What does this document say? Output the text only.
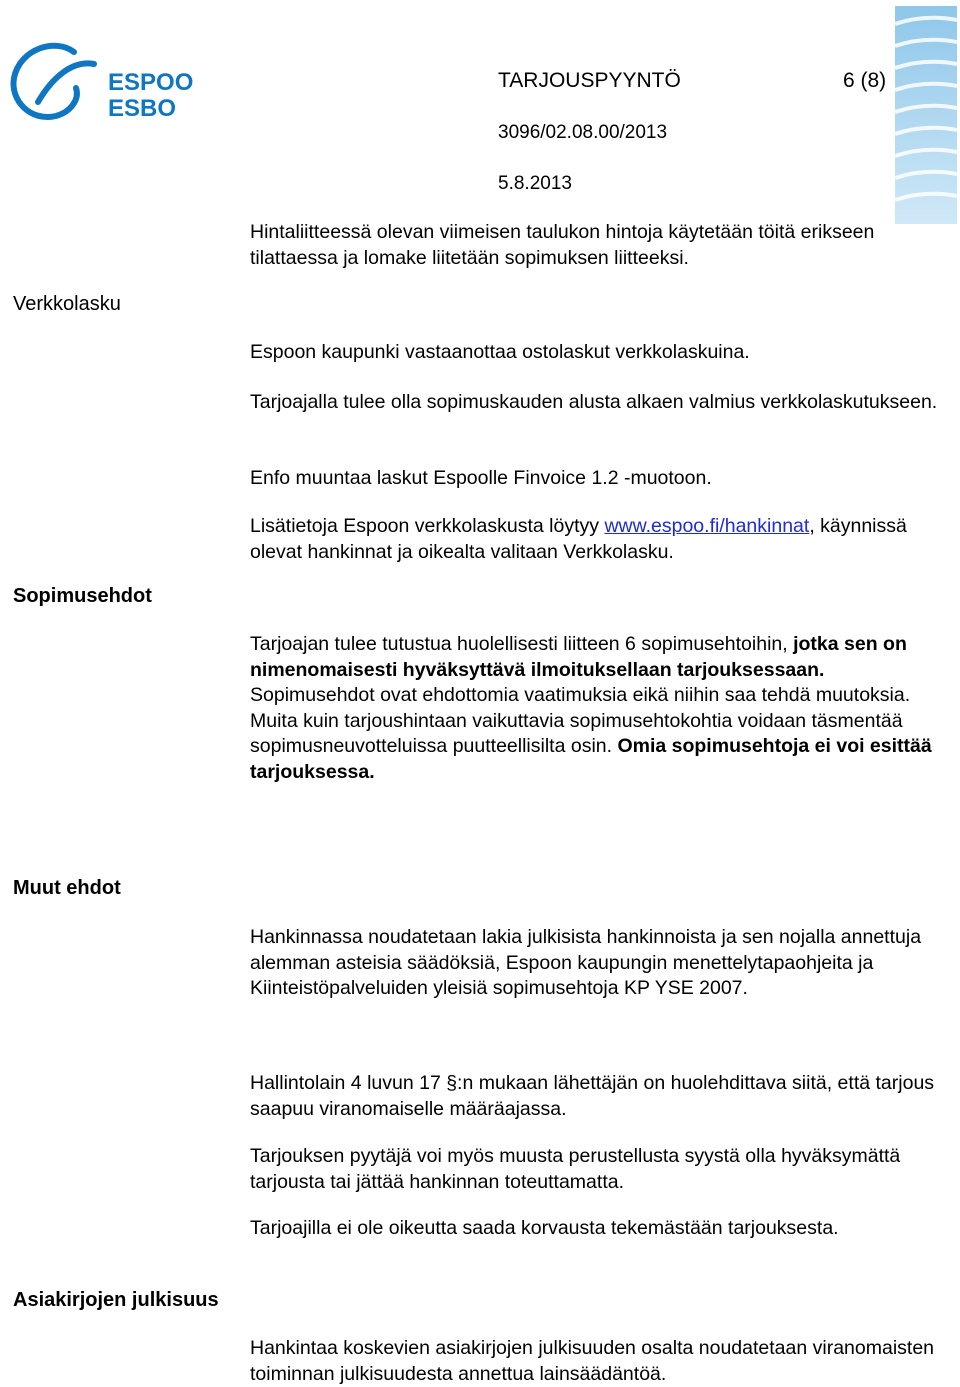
ESPOO
ESBO
TARJOUSPYYNTÖ	6 (8)
3096/02.08.00/2013
5.8.2013

Hintaliitteessä olevan viimeisen taulukon hintoja käytetään töitä erikseen tilattaessa ja lomake liitetään sopimuksen liitteeksi.

Verkkolasku

Espoon kaupunki vastaanottaa ostolaskut verkkolaskuina.

Tarjoajalla tulee olla sopimuskauden alusta alkaen valmius verkkolaskutukseen.

Enfo muuntaa laskut Espoolle Finvoice 1.2 -muotoon.

Lisätietoja Espoon verkkolaskusta löytyy www.espoo.fi/hankinnat, käynnissä olevat hankinnat ja oikealta valitaan Verkkolasku.

Sopimusehdot

Tarjoajan tulee tutustua huolellisesti liitteen 6 sopimusehtoihin, jotka sen on nimenomaisesti hyväksyttävä ilmoituksellaan tarjouksessaan. Sopimusehdot ovat ehdottomia vaatimuksia eikä niihin saa tehdä muutoksia. Muita kuin tarjoushintaan vaikuttavia sopimusehtokohtia voidaan täsmentää sopimusneuvotteluissa puutteellisilta osin. Omia sopimusehtoja ei voi esittää tarjouksessa.

Muut ehdot

Hankinnassa noudatetaan lakia julkisista hankinnoista ja sen nojalla annettuja alemman asteisia säädöksiä, Espoon kaupungin menettelytapaohjeita ja Kiinteistöpalveluiden yleisiä sopimusehtoja KP YSE 2007.

Hallintolain 4 luvun 17 §:n mukaan lähettäjän on huolehdittava siitä, että tarjous saapuu viranomaiselle määräajassa.

Tarjouksen pyytäjä voi myös muusta perustellusta syystä olla hyväksymättä tarjousta tai jättää hankinnan toteuttamatta.

Tarjoajilla ei ole oikeutta saada korvausta tekemästään tarjouksesta.

Asiakirjojen julkisuus

Hankintaa koskevien asiakirjojen julkisuuden osalta noudatetaan viranomaisten toiminnan julkisuudesta annettua lainsäädäntöä.
